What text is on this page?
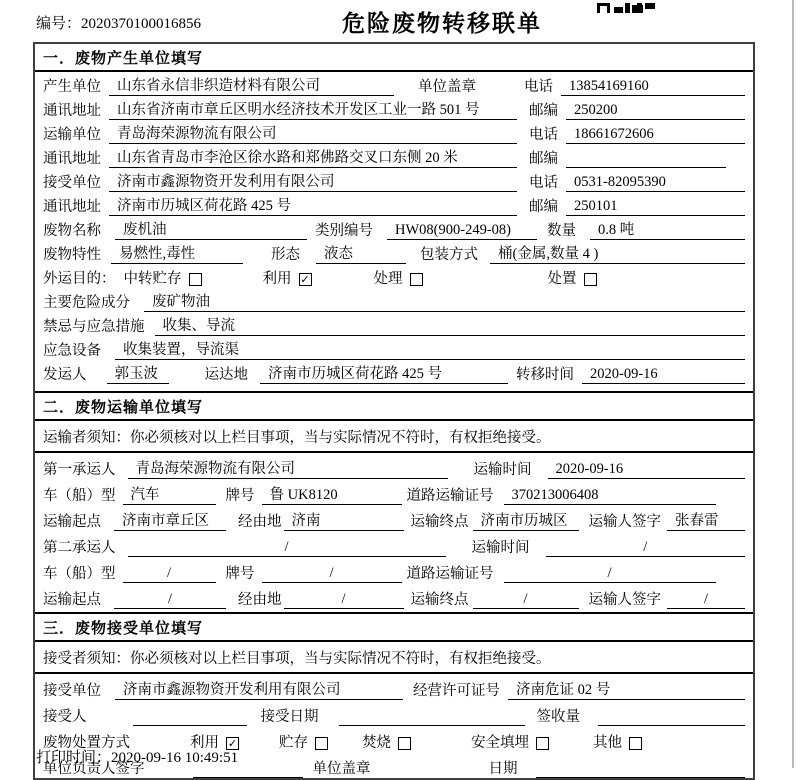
编号：2020370100016856	危险废物转移联单
一．废物产生单位填写
产生单位	山东省永信非织造材料有限公司	单位盖章	电话	13854169160
通讯地址	山东省济南市章丘区明水经济技术开发区工业一路 501 号	邮编	250200
运输单位	青岛海荣源物流有限公司	电话	18661672606
通讯地址	山东省青岛市李沧区徐水路和郑佛路交叉口东侧 20 米	邮编
接受单位	济南市鑫源物资开发利用有限公司	电话	0531-82095390
通讯地址	济南市历城区荷花路 425 号	邮编	250101
废物名称	废机油	类别编号	HW08(900-249-08)	数量	0.8 吨
废物特性	易燃性,毒性	形态	液态	包装方式	桶(金属,数量 4 )
外运目的： 中转贮存	利用 ✓	处理	处置
主要危险成分	废矿物油
禁忌与应急措施	收集、导流
应急设备	收集装置，导流渠
发运人	郭玉波	运达地	济南市历城区荷花路 425 号	转移时间	2020-09-16
二．废物运输单位填写
运输者须知：你必须核对以上栏目事项，当与实际情况不符时，有权拒绝接受。
第一承运人	青岛海荣源物流有限公司	运输时间	2020-09-16
车（船）型	汽车	牌号	鲁 UK8120	道路运输证号	370213006408
运输起点	济南市章丘区	经由地 济南	运输终点 济南市历城区	运输人签字 张春雷
第二承运人	/	运输时间	/
车（船）型	/	牌号	/	道路运输证号	/
运输起点	/	经由地	/	运输终点	/	运输人签字	/
三．废物接受单位填写
接受者须知：你必须核对以上栏目事项，当与实际情况不符时，有权拒绝接受。
接受单位	济南市鑫源物资开发利用有限公司	经营许可证号	济南危证 02 号
接受人	接受日期	签收量
废物处置方式	利用 ✓	贮存	焚烧	安全填埋	其他
单位负责人签字	单位盖章	日期
打印时间：2020-09-16 10:49:51
